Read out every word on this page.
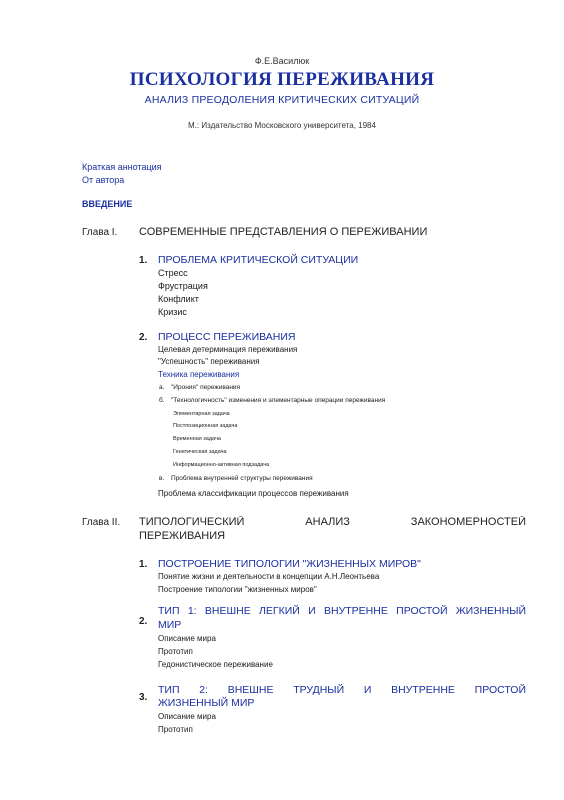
Ф.Е.Василюк
ПСИХОЛОГИЯ ПЕРЕЖИВАНИЯ
АНАЛИЗ ПРЕОДОЛЕНИЯ КРИТИЧЕСКИХ СИТУАЦИЙ
М.: Издательство Московского университета, 1984
Краткая аннотация
От автора
ВВЕДЕНИЕ
Глава I. СОВРЕМЕННЫЕ ПРЕДСТАВЛЕНИЯ О ПЕРЕЖИВАНИИ
1. ПРОБЛЕМА КРИТИЧЕСКОЙ СИТУАЦИИ
Стресс
Фрустрация
Конфликт
Кризис
2. ПРОЦЕСС ПЕРЕЖИВАНИЯ
Целевая детерминация переживания
"Успешность" переживания
Техника переживания
a. "Ирония" переживания
б. "Технологичность" изменения и элементарные операции переживания
Элементарная задача
Постпозиционная задача
Временная задача
Генетическая задача
Информационно-активная подзадача
в. Проблема внутренней структуры переживания
Проблема классификации процессов переживания
Глава II. ТИПОЛОГИЧЕСКИЙ	АНАЛИЗ	ЗАКОНОМЕРНОСТЕЙ
ПЕРЕЖИВАНИЯ
1. ПОСТРОЕНИЕ ТИПОЛОГИИ "ЖИЗНЕННЫХ МИРОВ"
Понятие жизни и деятельности в концепции А.Н.Леонтьева
Построение типологии "жизненных миров"
2.
ТИП 1: ВНЕШНЕ ЛЕГКИЙ И ВНУТРЕННЕ ПРОСТОЙ ЖИЗНЕННЫЙ
МИР
Описание мира
Прототип
Гедонистическое переживание
3.
ТИП 2: ВНЕШНЕ ТРУДНЫЙ И ВНУТРЕННЕ ПРОСТОЙ
ЖИЗНЕННЫЙ МИР
Описание мира
Прототип
